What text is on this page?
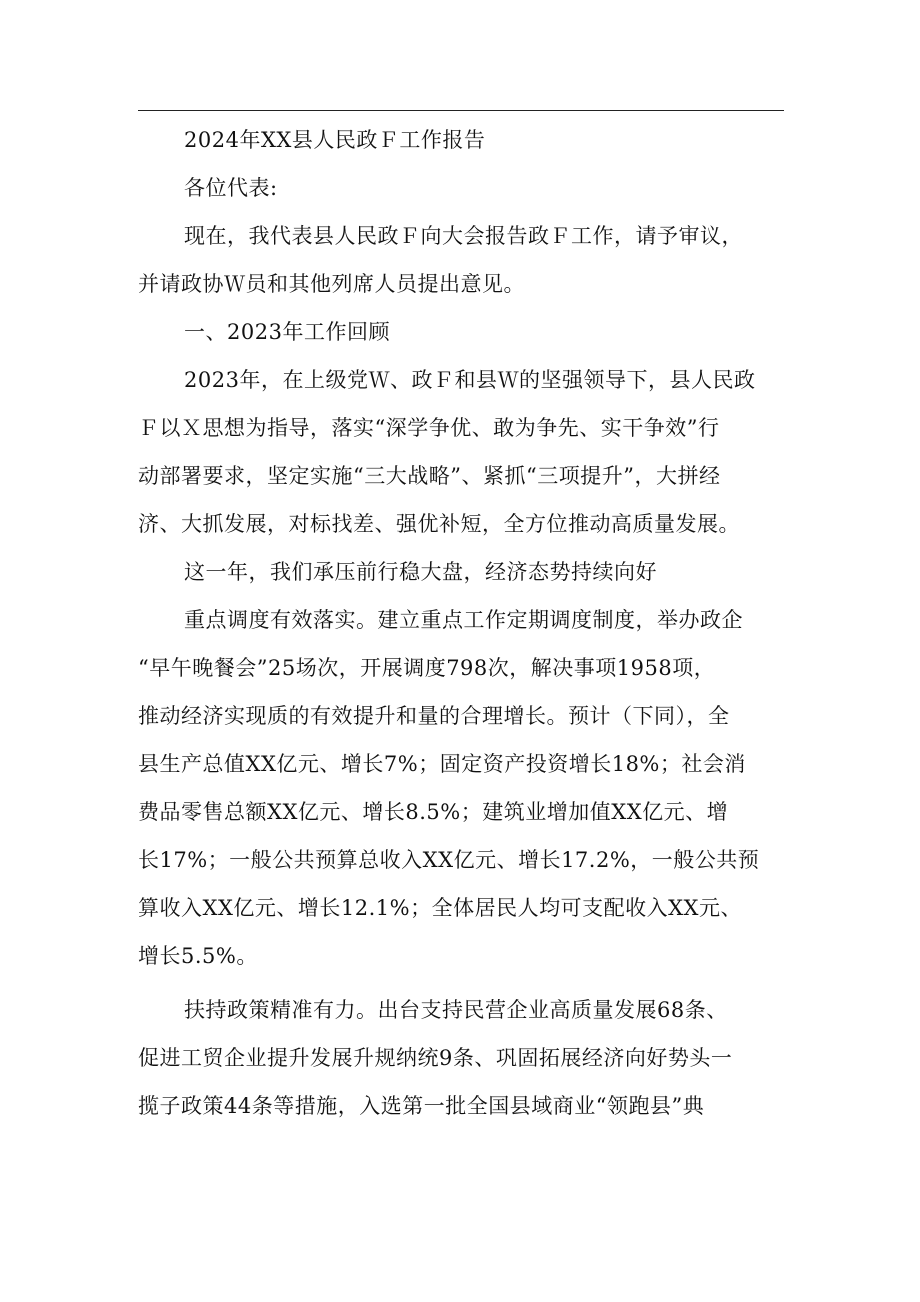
2024年XX县人民政Ｆ工作报告
各位代表:
现在，我代表县人民政Ｆ向大会报告政Ｆ工作，请予审议，
并请政协Ｗ员和其他列席人员提出意见。
一、2023年工作回顾
2023年，在上级党Ｗ、政Ｆ和县Ｗ的坚强领导下，县人民政
Ｆ以Ｘ思想为指导，落实“深学争优、敢为争先、实干争效”行
动部署要求，坚定实施“三大战略”、紧抓“三项提升”，大拼经
济、大抓发展，对标找差、强优补短，全方位推动高质量发展。
这一年，我们承压前行稳大盘，经济态势持续向好
重点调度有效落实。建立重点工作定期调度制度，举办政企
“早午晚餐会”25场次，开展调度798次，解决事项1958项，
推动经济实现质的有效提升和量的合理增长。预计（下同），全
县生产总值XX亿元、增长7%；固定资产投资增长18%；社会消
费品零售总额XX亿元、增长8.5%；建筑业增加值XX亿元、增
长17%；一般公共预算总收入XX亿元、增长17.2%，一般公共预
算收入XX亿元、增长12.1%；全体居民人均可支配收入XX元、
增长5.5%。
扶持政策精准有力。出台支持民营企业高质量发展68条、
促进工贸企业提升发展升规纳统9条、巩固拓展经济向好势头一
揽子政策44条等措施，入选第一批全国县域商业“领跑县”典
